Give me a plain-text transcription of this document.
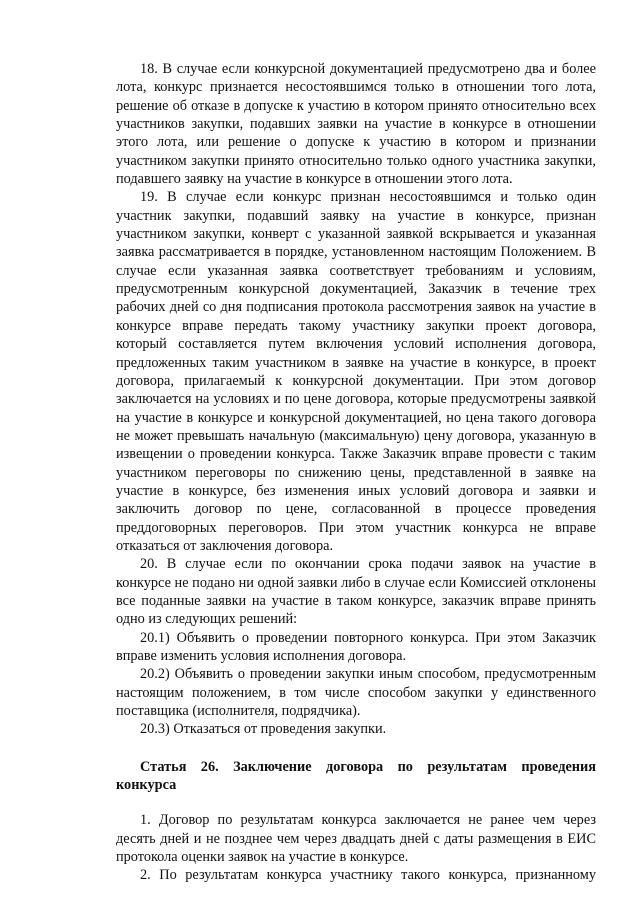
18. В случае если конкурсной документацией предусмотрено два и более лота, конкурс признается несостоявшимся только в отношении того лота, решение об отказе в допуске к участию в котором принято относительно всех участников закупки, подавших заявки на участие в конкурсе в отношении этого лота, или решение о допуске к участию в котором и признании участником закупки принято относительно только одного участника закупки, подавшего заявку на участие в конкурсе в отношении этого лота.

19. В случае если конкурс признан несостоявшимся и только один участник закупки, подавший заявку на участие в конкурсе, признан участником закупки, конверт с указанной заявкой вскрывается и указанная заявка рассматривается в порядке, установленном настоящим Положением. В случае если указанная заявка соответствует требованиям и условиям, предусмотренным конкурсной документацией, Заказчик в течение трех рабочих дней со дня подписания протокола рассмотрения заявок на участие в конкурсе вправе передать такому участнику закупки проект договора, который составляется путем включения условий исполнения договора, предложенных таким участником в заявке на участие в конкурсе, в проект договора, прилагаемый к конкурсной документации. При этом договор заключается на условиях и по цене договора, которые предусмотрены заявкой на участие в конкурсе и конкурсной документацией, но цена такого договора не может превышать начальную (максимальную) цену договора, указанную в извещении о проведении конкурса. Также Заказчик вправе провести с таким участником переговоры по снижению цены, представленной в заявке на участие в конкурсе, без изменения иных условий договора и заявки и заключить договор по цене, согласованной в процессе проведения преддоговорных переговоров. При этом участник конкурса не вправе отказаться от заключения договора.

20. В случае если по окончании срока подачи заявок на участие в конкурсе не подано ни одной заявки либо в случае если Комиссией отклонены все поданные заявки на участие в таком конкурсе, заказчик вправе принять одно из следующих решений:

20.1) Объявить о проведении повторного конкурса. При этом Заказчик вправе изменить условия исполнения договора.

20.2) Объявить о проведении закупки иным способом, предусмотренным настоящим положением, в том числе способом закупки у единственного поставщика (исполнителя, подрядчика).

20.3) Отказаться от проведения закупки.

Статья 26. Заключение договора по результатам проведения
конкурса

1. Договор по результатам конкурса заключается не ранее чем через десять дней и не позднее чем через двадцать дней с даты размещения в ЕИС протокола оценки заявок на участие в конкурсе.

2. По результатам конкурса участнику такого конкурса, признанному
